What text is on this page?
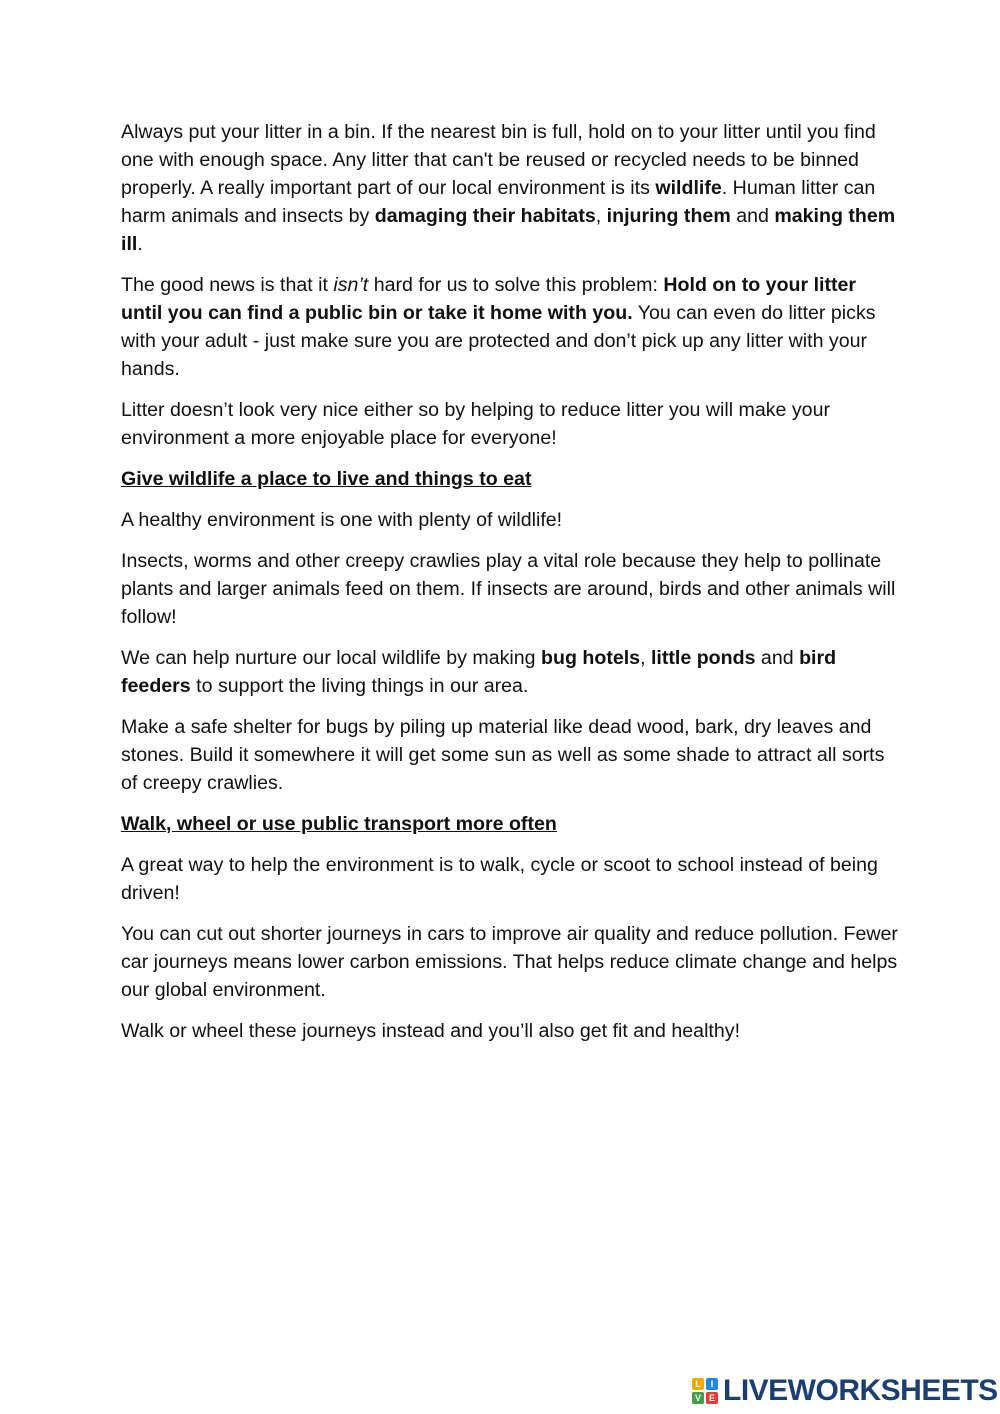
Always put your litter in a bin. If the nearest bin is full, hold on to your litter until you find one with enough space. Any litter that can't be reused or recycled needs to be binned properly. A really important part of our local environment is its wildlife. Human litter can harm animals and insects by damaging their habitats, injuring them and making them ill.

The good news is that it isn’t hard for us to solve this problem: Hold on to your litter until you can find a public bin or take it home with you. You can even do litter picks with your adult - just make sure you are protected and don’t pick up any litter with your hands.

Litter doesn’t look very nice either so by helping to reduce litter you will make your environment a more enjoyable place for everyone!

Give wildlife a place to live and things to eat

A healthy environment is one with plenty of wildlife!

Insects, worms and other creepy crawlies play a vital role because they help to pollinate plants and larger animals feed on them. If insects are around, birds and other animals will follow!

We can help nurture our local wildlife by making bug hotels, little ponds and bird feeders to support the living things in our area.

Make a safe shelter for bugs by piling up material like dead wood, bark, dry leaves and stones. Build it somewhere it will get some sun as well as some shade to attract all sorts of creepy crawlies.

Walk, wheel or use public transport more often

A great way to help the environment is to walk, cycle or scoot to school instead of being driven!

You can cut out shorter journeys in cars to improve air quality and reduce pollution. Fewer car journeys means lower carbon emissions. That helps reduce climate change and helps our global environment.

Walk or wheel these journeys instead and you’ll also get fit and healthy!

L	I
V E LIVEWORKSHEETS
